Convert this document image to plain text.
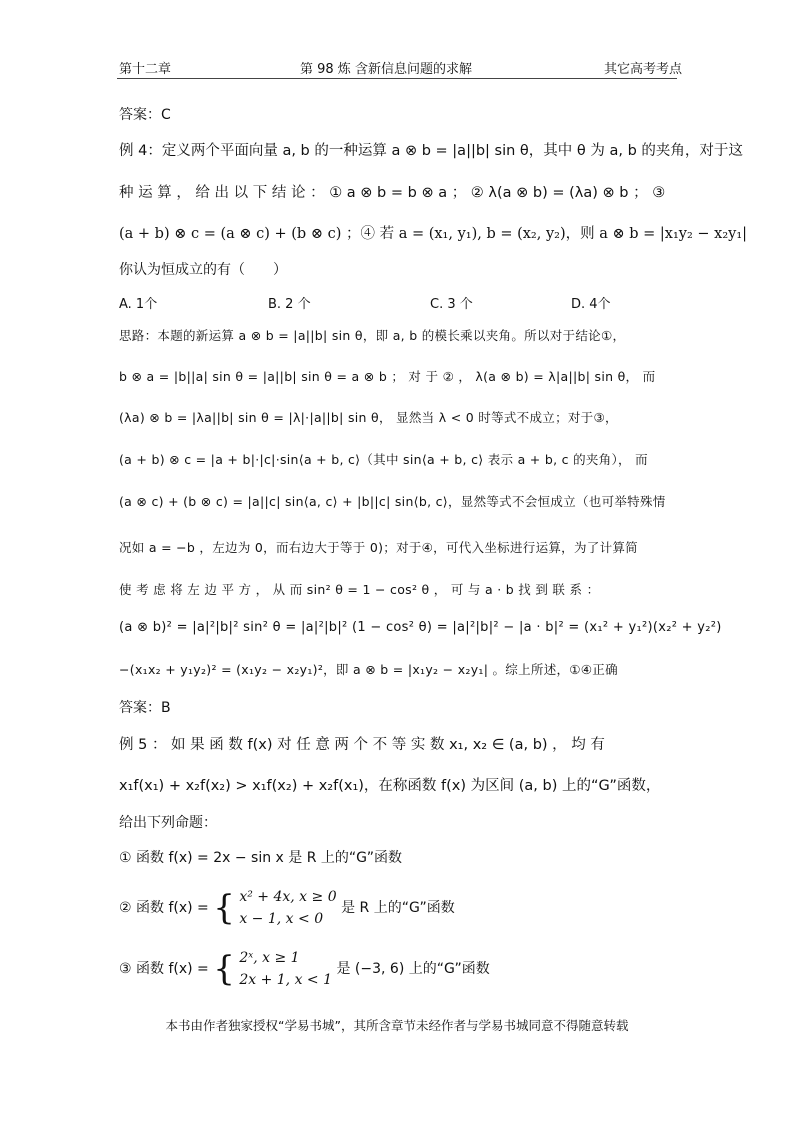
第十二章	第 98 炼 含新信息问题的求解	其它高考考点
答案：C
例 4：定义两个平面向量 a, b 的一种运算 a ⊗ b = |a||b| sin θ，其中 θ 为 a, b 的夹角，对于这
种 运 算 ， 给 出 以 下 结 论 ： ① a ⊗ b = b ⊗ a ； ② λ(a ⊗ b) = (λa) ⊗ b ； ③
(a + b) ⊗ c = (a ⊗ c) + (b ⊗ c) ；④ 若 a = (x₁, y₁), b = (x₂, y₂)，则 a ⊗ b = |x₁y₂ − x₂y₁|
你认为恒成立的有（　　）
A. 1个	B. 2 个	C. 3 个	D. 4个
思路：本题的新运算 a ⊗ b = |a||b| sin θ，即 a, b 的模长乘以夹角。所以对于结论①，
b ⊗ a = |b||a| sin θ = |a||b| sin θ = a ⊗ b ； 对 于 ② ， λ(a ⊗ b) = λ|a||b| sin θ， 而
(λa) ⊗ b = |λa||b| sin θ = |λ|·|a||b| sin θ， 显然当 λ < 0 时等式不成立；对于③，
(a + b) ⊗ c = |a + b|·|c|·sin⟨a + b, c⟩（其中 sin⟨a + b, c⟩ 表示 a + b, c 的夹角）， 而
(a ⊗ c) + (b ⊗ c) = |a||c| sin⟨a, c⟩ + |b||c| sin⟨b, c⟩，显然等式不会恒成立（也可举特殊情
况如 a = −b ，左边为 0，而右边大于等于 0)；对于④，可代入坐标进行运算，为了计算简
使 考 虑 将 左 边 平 方 ， 从 而 sin² θ = 1 − cos² θ ， 可 与 a · b 找 到 联 系 ：
(a ⊗ b)² = |a|²|b|² sin² θ = |a|²|b|² (1 − cos² θ) = |a|²|b|² − |a · b|² = (x₁² + y₁²)(x₂² + y₂²)
−(x₁x₂ + y₁y₂)² = (x₁y₂ − x₂y₁)²，即 a ⊗ b = |x₁y₂ − x₂y₁| 。综上所述，①④正确
答案：B
例 5 ： 如 果 函 数 f(x) 对 任 意 两 个 不 等 实 数 x₁, x₂ ∈ (a, b) ， 均 有
x₁f(x₁) + x₂f(x₂) > x₁f(x₂) + x₂f(x₁)，在称函数 f(x) 为区间 (a, b) 上的“G”函数，
给出下列命题：
① 函数 f(x) = 2x − sin x 是 R 上的“G”函数
② 函数 f(x) = { x² + 4x, x ≥ 0
x − 1, x < 0
是 R 上的“G”函数
③ 函数 f(x) = { 2ˣ, x ≥ 1
2x + 1, x < 1
是 (−3, 6) 上的“G”函数
本书由作者独家授权“学易书城”，其所含章节未经作者与学易书城同意不得随意转载
